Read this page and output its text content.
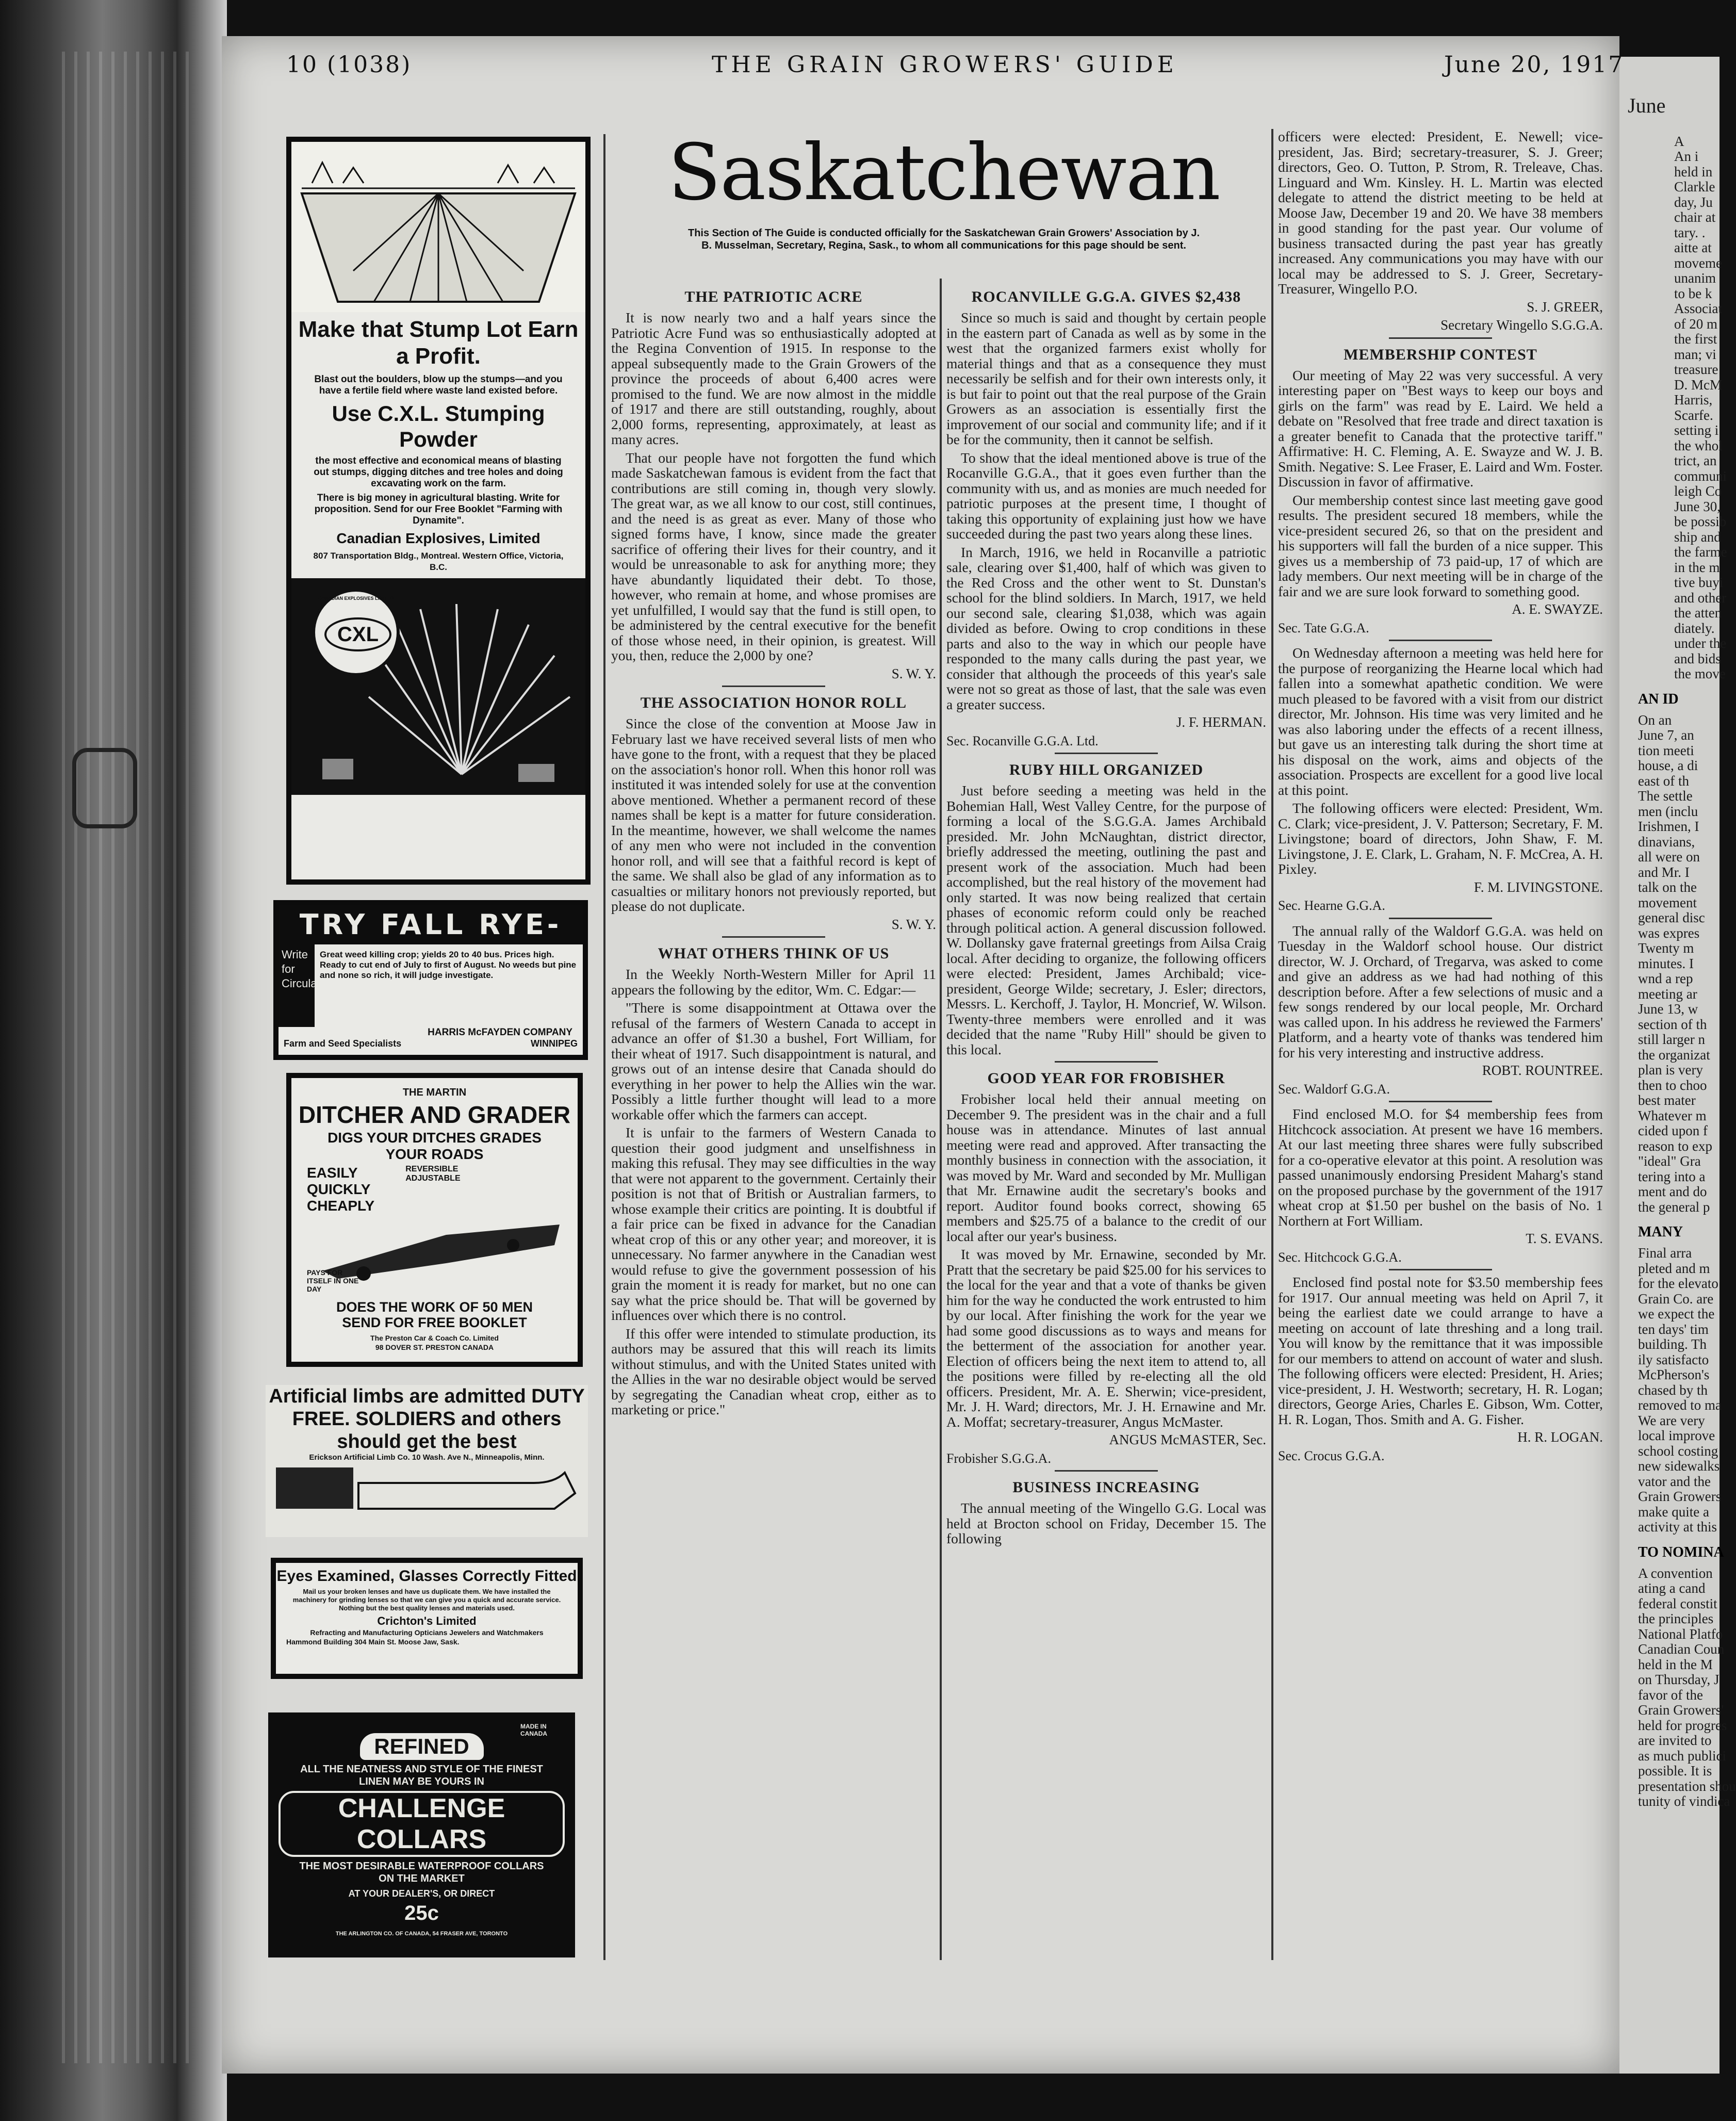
June

A

An i

held in

Clarkle

day, Ju

chair at

tary. .

aitte at

moveme

unanim

to be k

Associat

of 20 m

the first

man; vi

treasure

D. McM

Harris,

Scarfe.

setting i

the whol

trict, an

communi

leigh Co

June 30,

be possib

ship and

the farme

in the m

tive buyi

and other

the atten

diately.

under the

and bids

the move

AN ID

On an

June 7, an

tion meeti

house, a di

east of th

The settle

men (inclu

Irishmen, I

dinavians,

all were on

and Mr. I

talk on the

movement

general disc

was expres

Twenty m

minutes. I

wnd a rep

meeting ar

June 13, w

section of th

still larger n

the organizat

plan is very

then to choo

best mater

Whatever m

cided upon f

reason to exp

"ideal" Gra

tering into a

ment and do

the general p

MANY

Final arra

pleted and m

for the elevato

Grain Co. are

we expect the

ten days' tim

building. Th

ily satisfacto

McPherson's

chased by th

removed to ma

We are very

local improve

school costing

new sidewalks

vator and the

Grain Growers

make quite a

activity at this

TO NOMINA

A convention

ating a cand

federal constit

the principles

National Platfo

Canadian Coun

held in the M

on Thursday, J

favor of the

Grain Growers'

held for progres

are invited to

as much publici

possible. It is

presentation shou

tunity of vindica

10 (1038)	THE GRAIN GROWERS' GUIDE	June 20, 1917
Make that Stump Lot Earn a Profit.
Blast out the boulders, blow up the stumps—and you have a fertile field where waste land existed before.
Use C.X.L. Stumping Powder
the most effective and economical means of blasting out stumps, digging ditches and tree holes and doing excavating work on the farm.
There is big money in agricultural blasting. Write for proposition. Send for our Free Booklet "Farming with Dynamite".
Canadian Explosives, Limited
807 Transportation Bldg., Montreal. Western Office, Victoria, B.C.
CXL
CANADIAN EXPLOSIVES LIMITED
TRY FALL RYE-
Write for Circular
Great weed killing crop; yields 20 to 40 bus. Prices high. Ready to cut end of July to first of August. No weeds but pine and none so rich, it will judge investigate.
HARRIS McFAYDEN COMPANY
Farm and Seed Specialists	WINNIPEG
THE MARTIN
DITCHER AND GRADER
DIGS YOUR DITCHES GRADES YOUR ROADS
EASILY
QUICKLY
CHEAPLY
REVERSIBLE ADJUSTABLE
PAYS FOR ITSELF IN ONE DAY
DOES THE WORK OF 50 MEN
SEND FOR FREE BOOKLET
The Preston Car & Coach Co. Limited
98 DOVER ST. PRESTON CANADA
Artificial limbs are admitted DUTY FREE. SOLDIERS and others should get the best
Erickson Artificial Limb Co. 10 Wash. Ave N., Minneapolis, Minn.
Eyes Examined, Glasses Correctly Fitted
Mail us your broken lenses and have us duplicate them. We have installed the machinery for grinding lenses so that we can give you a quick and accurate service. Nothing but the best quality lenses and materials used.
Crichton's Limited
Refracting and Manufacturing Opticians Jewelers and Watchmakers
Hammond Building 304 Main St. Moose Jaw, Sask.
MADE IN CANADA
REFINED
ALL THE NEATNESS AND STYLE OF THE FINEST LINEN MAY BE YOURS IN
CHALLENGE COLLARS
THE MOST DESIRABLE WATERPROOF COLLARS ON THE MARKET
AT YOUR DEALER'S, OR DIRECT
25c
THE ARLINGTON CO. OF CANADA, 54 FRASER AVE, TORONTO
Saskatchewan
This Section of The Guide is conducted officially for the Saskatchewan Grain Growers' Association by J. B. Musselman, Secretary, Regina, Sask., to whom all communications for this page should be sent.
THE PATRIOTIC ACRE

It is now nearly two and a half years since the Patriotic Acre Fund was so enthusiastically adopted at the Regina Convention of 1915. In response to the appeal subsequently made to the Grain Growers of the province the proceeds of about 6,400 acres were promised to the fund. We are now almost in the middle of 1917 and there are still outstanding, roughly, about 2,000 forms, representing, approximately, at least as many acres.

That our people have not forgotten the fund which made Saskatchewan famous is evident from the fact that contributions are still coming in, though very slowly. The great war, as we all know to our cost, still continues, and the need is as great as ever. Many of those who signed forms have, I know, since made the greater sacrifice of offering their lives for their country, and it would be unreasonable to ask for anything more; they have abundantly liquidated their debt. To those, however, who remain at home, and whose promises are yet unfulfilled, I would say that the fund is still open, to be administered by the central executive for the benefit of those whose need, in their opinion, is greatest. Will you, then, reduce the 2,000 by one?

S. W. Y.

THE ASSOCIATION HONOR ROLL

Since the close of the convention at Moose Jaw in February last we have received several lists of men who have gone to the front, with a request that they be placed on the association's honor roll. When this honor roll was instituted it was intended solely for use at the convention above mentioned. Whether a permanent record of these names shall be kept is a matter for future consideration. In the meantime, however, we shall welcome the names of any men who were not included in the convention honor roll, and will see that a faithful record is kept of the same. We shall also be glad of any information as to casualties or military honors not previously reported, but please do not duplicate.

S. W. Y.

WHAT OTHERS THINK OF US

In the Weekly North-Western Miller for April 11 appears the following by the editor, Wm. C. Edgar:—

"There is some disappointment at Ottawa over the refusal of the farmers of Western Canada to accept in advance an offer of $1.30 a bushel, Fort William, for their wheat of 1917. Such disappointment is natural, and grows out of an intense desire that Canada should do everything in her power to help the Allies win the war. Possibly a little further thought will lead to a more workable offer which the farmers can accept.

It is unfair to the farmers of Western Canada to question their good judgment and unselfishness in making this refusal. They may see difficulties in the way that were not apparent to the government. Certainly their position is not that of British or Australian farmers, to whose example their critics are pointing. It is doubtful if a fair price can be fixed in advance for the Canadian wheat crop of this or any other year; and moreover, it is unnecessary. No farmer anywhere in the Canadian west would refuse to give the government possession of his grain the moment it is ready for market, but no one can say what the price should be. That will be governed by influences over which there is no control.

If this offer were intended to stimulate production, its authors may be assured that this will reach its limits without stimulus, and with the United States united with the Allies in the war no desirable object would be served by segregating the Canadian wheat crop, either as to marketing or price."

ROCANVILLE G.G.A. GIVES $2,438

Since so much is said and thought by certain people in the eastern part of Canada as well as by some in the west that the organized farmers exist wholly for material things and that as a consequence they must necessarily be selfish and for their own interests only, it is but fair to point out that the real purpose of the Grain Growers as an association is essentially first the improvement of our social and community life; and if it be for the community, then it cannot be selfish.

To show that the ideal mentioned above is true of the Rocanville G.G.A., that it goes even further than the community with us, and as monies are much needed for patriotic purposes at the present time, I thought of taking this opportunity of explaining just how we have succeeded during the past two years along these lines.

In March, 1916, we held in Rocanville a patriotic sale, clearing over $1,400, half of which was given to the Red Cross and the other went to St. Dunstan's school for the blind soldiers. In March, 1917, we held our second sale, clearing $1,038, which was again divided as before. Owing to crop conditions in these parts and also to the way in which our people have responded to the many calls during the past year, we consider that although the proceeds of this year's sale were not so great as those of last, that the sale was even a greater success.

J. F. HERMAN.

Sec. Rocanville G.G.A. Ltd.

RUBY HILL ORGANIZED

Just before seeding a meeting was held in the Bohemian Hall, West Valley Centre, for the purpose of forming a local of the S.G.G.A. James Archibald presided. Mr. John McNaughtan, district director, briefly addressed the meeting, outlining the past and present work of the association. Much had been accomplished, but the real history of the movement had only started. It was now being realized that certain phases of economic reform could only be reached through political action. A general discussion followed. W. Dollansky gave fraternal greetings from Ailsa Craig local. After deciding to organize, the following officers were elected: President, James Archibald; vice-president, George Wilde; secretary, J. Esler; directors, Messrs. L. Kerchoff, J. Taylor, H. Moncrief, W. Wilson. Twenty-three members were enrolled and it was decided that the name "Ruby Hill" should be given to this local.

GOOD YEAR FOR FROBISHER

Frobisher local held their annual meeting on December 9. The president was in the chair and a full house was in attendance. Minutes of last annual meeting were read and approved. After transacting the monthly business in connection with the association, it was moved by Mr. Ward and seconded by Mr. Mulligan that Mr. Ernawine audit the secretary's books and report. Auditor found books correct, showing 65 members and $25.75 of a balance to the credit of our local after our year's business.

It was moved by Mr. Ernawine, seconded by Mr. Pratt that the secretary be paid $25.00 for his services to the local for the year and that a vote of thanks be given him for the way he conducted the work entrusted to him by our local. After finishing the work for the year we had some good discussions as to ways and means for the betterment of the association for another year. Election of officers being the next item to attend to, all the positions were filled by re-electing all the old officers. President, Mr. A. E. Sherwin; vice-president, Mr. J. H. Ward; directors, Mr. J. H. Ernawine and Mr. A. Moffat; secretary-treasurer, Angus McMaster.

ANGUS McMASTER, Sec.

Frobisher S.G.G.A.

BUSINESS INCREASING

The annual meeting of the Wingello G.G. Local was held at Brocton school on Friday, December 15. The following

officers were elected: President, E. Newell; vice-president, Jas. Bird; secretary-treasurer, S. J. Greer; directors, Geo. O. Tutton, P. Strom, R. Treleave, Chas. Linguard and Wm. Kinsley. H. L. Martin was elected delegate to attend the district meeting to be held at Moose Jaw, December 19 and 20. We have 38 members in good standing for the past year. Our volume of business transacted during the past year has greatly increased. Any communications you may have with our local may be addressed to S. J. Greer, Secretary-Treasurer, Wingello P.O.

S. J. GREER,

Secretary Wingello S.G.G.A.

MEMBERSHIP CONTEST

Our meeting of May 22 was very successful. A very interesting paper on "Best ways to keep our boys and girls on the farm" was read by E. Laird. We held a debate on "Resolved that free trade and direct taxation is a greater benefit to Canada that the protective tariff." Affirmative: H. C. Fleming, A. E. Swayze and W. J. B. Smith. Negative: S. Lee Fraser, E. Laird and Wm. Foster. Discussion in favor of affirmative.

Our membership contest since last meeting gave good results. The president secured 18 members, while the vice-president secured 26, so that on the president and his supporters will fall the burden of a nice supper. This gives us a membership of 73 paid-up, 17 of which are lady members. Our next meeting will be in charge of the fair and we are sure look forward to something good.

A. E. SWAYZE.

Sec. Tate G.G.A.

On Wednesday afternoon a meeting was held here for the purpose of reorganizing the Hearne local which had fallen into a somewhat apathetic condition. We were much pleased to be favored with a visit from our district director, Mr. Johnson. His time was very limited and he was also laboring under the effects of a recent illness, but gave us an interesting talk during the short time at his disposal on the work, aims and objects of the association. Prospects are excellent for a good live local at this point.

The following officers were elected: President, Wm. C. Clark; vice-president, J. V. Patterson; Secretary, F. M. Livingstone; board of directors, John Shaw, F. M. Livingstone, J. E. Clark, L. Graham, N. F. McCrea, A. H. Pixley.

F. M. LIVINGSTONE.

Sec. Hearne G.G.A.

The annual rally of the Waldorf G.G.A. was held on Tuesday in the Waldorf school house. Our district director, W. J. Orchard, of Tregarva, was asked to come and give an address as we had had nothing of this description before. After a few selections of music and a few songs rendered by our local people, Mr. Orchard was called upon. In his address he reviewed the Farmers' Platform, and a hearty vote of thanks was tendered him for his very interesting and instructive address.

ROBT. ROUNTREE.

Sec. Waldorf G.G.A.

Find enclosed M.O. for $4 membership fees from Hitchcock association. At present we have 16 members. At our last meeting three shares were fully subscribed for a co-operative elevator at this point. A resolution was passed unanimously endorsing President Maharg's stand on the proposed purchase by the government of the 1917 wheat crop at $1.50 per bushel on the basis of No. 1 Northern at Fort William.

T. S. EVANS.

Sec. Hitchcock G.G.A.

Enclosed find postal note for $3.50 membership fees for 1917. Our annual meeting was held on April 7, it being the earliest date we could arrange to have a meeting on account of late threshing and a long trail. You will know by the remittance that it was impossible for our members to attend on account of water and slush. The following officers were elected: President, H. Aries; vice-president, J. H. Westworth; secretary, H. R. Logan; directors, George Aries, Charles E. Gibson, Wm. Cotter, H. R. Logan, Thos. Smith and A. G. Fisher.

H. R. LOGAN.

Sec. Crocus G.G.A.
